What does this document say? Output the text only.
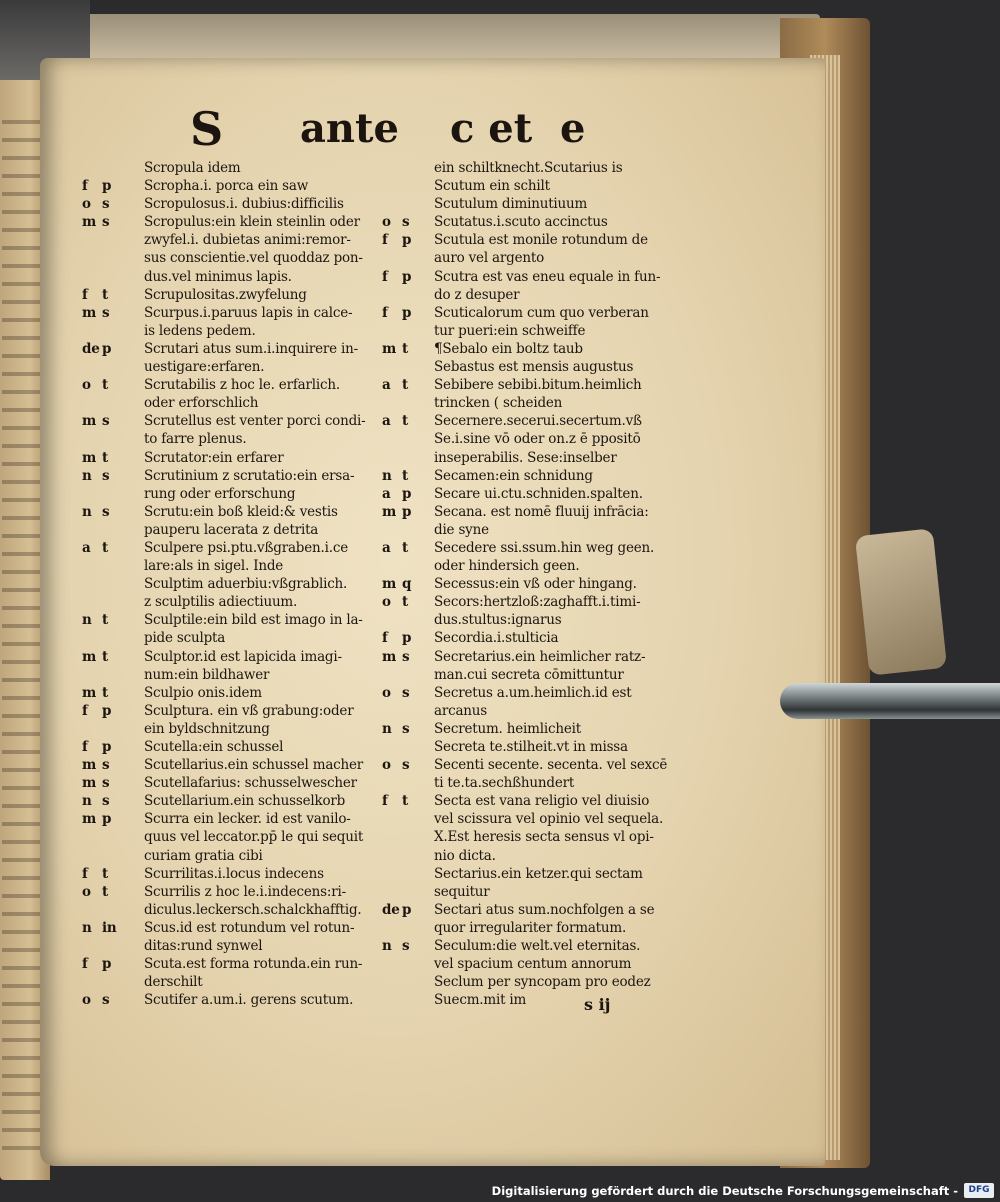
S ante c et e
Scropula idem
f	p	Scropha.i. porca ein saw
o s	Scropulosus.i. dubius:difficilis
m s	Scropulus:ein klein steinlin oder
zwyfel.i. dubietas animi:remor-
sus conscientie.vel quoddaz pon-
dus.vel minimus lapis.
f	t	Scrupulositas.zwyfelung
m s	Scurpus.i.paruus lapis in calce-
is ledens pedem.
de p	Scrutari atus sum.i.inquirere in-
uestigare:erfaren.
o t	Scrutabilis z hoc le. erfarlich.
oder erforschlich
m s	Scrutellus est venter porci condi-
to farre plenus.
m t	Scrutator:ein erfarer
n s	Scrutinium z scrutatio:ein ersa-
rung oder erforschung
n s	Scrutu:ein boß kleid:& vestis
pauperu lacerata z detrita
a t	Sculpere psi.ptu.vßgraben.i.ce
lare:als in sigel. Inde
Sculptim aduerbiu:vßgrablich.
z sculptilis adiectiuum.
n t	Sculptile:ein bild est imago in la-
pide sculpta
m t	Sculptor.id est lapicida imagi-
num:ein bildhawer
m t	Sculpio onis.idem
f	p	Sculptura. ein vß grabung:oder
ein byldschnitzung
f	p	Scutella:ein schussel
m s	Scutellarius.ein schussel macher
m s	Scutellafarius: schusselwescher
n s	Scutellarium.ein schusselkorb
m p	Scurra ein lecker. id est vanilo-
quus vel leccator.pp̄ le qui sequit
curiam gratia cibi
f	t	Scurrilitas.i.locus indecens
o t	Scurrilis z hoc le.i.indecens:ri-
diculus.leckersch.schalckhafftig.
n in Scus.id est rotundum vel rotun-
ditas:rund synwel
f	p	Scuta.est forma rotunda.ein run-
derschilt
o s	Scutifer a.um.i. gerens scutum.
ein schiltknecht.Scutarius is
Scutum ein schilt
Scutulum diminutiuum
o s	Scutatus.i.scuto accinctus
f	p	Scutula est monile rotundum de
auro vel argento
f	p	Scutra est vas eneu equale in fun-
do z desuper
f	p	Scuticalorum cum quo verberan
tur pueri:ein schweiffe
m t	¶Sebalo ein boltz taub
Sebastus est mensis augustus
a t	Sebibere sebibi.bitum.heimlich
trincken ( scheiden
a t	Secernere.secerui.secertum.vß
Se.i.sine vō oder on.z ē ppositō
inseperabilis. Sese:inselber
n t	Secamen:ein schnidung
a p	Secare ui.ctu.schniden.spalten.
m p	Secana. est nomē fluuij infrācia:
die syne
a t	Secedere ssi.ssum.hin weg geen.
oder hindersich geen.
m q	Secessus:ein vß oder hingang.
o t	Secors:hertzloß:zaghafft.i.timi-
dus.stultus:ignarus
f	p	Secordia.i.stulticia
m s	Secretarius.ein heimlicher ratz-
man.cui secreta cōmittuntur
o s	Secretus a.um.heimlich.id est
arcanus
n s	Secretum. heimlicheit
Secreta te.stilheit.vt in missa
o s	Secenti secente. secenta. vel sexcē
ti te.ta.sechßhundert
f	t	Secta est vana religio vel diuisio
vel scissura vel opinio vel sequela.
X.Est heresis secta sensus vl opi-
nio dicta.
Sectarius.ein ketzer.qui sectam
sequitur
de p	Sectari atus sum.nochfolgen a se
quor irregulariter formatum.
n s	Seculum:die welt.vel eternitas.
vel spacium centum annorum
Seclum per syncopam pro eodez
Suecm.mit im	s ij
Digitalisierung gefördert durch die Deutsche Forschungsgemeinschaft -	DFG
